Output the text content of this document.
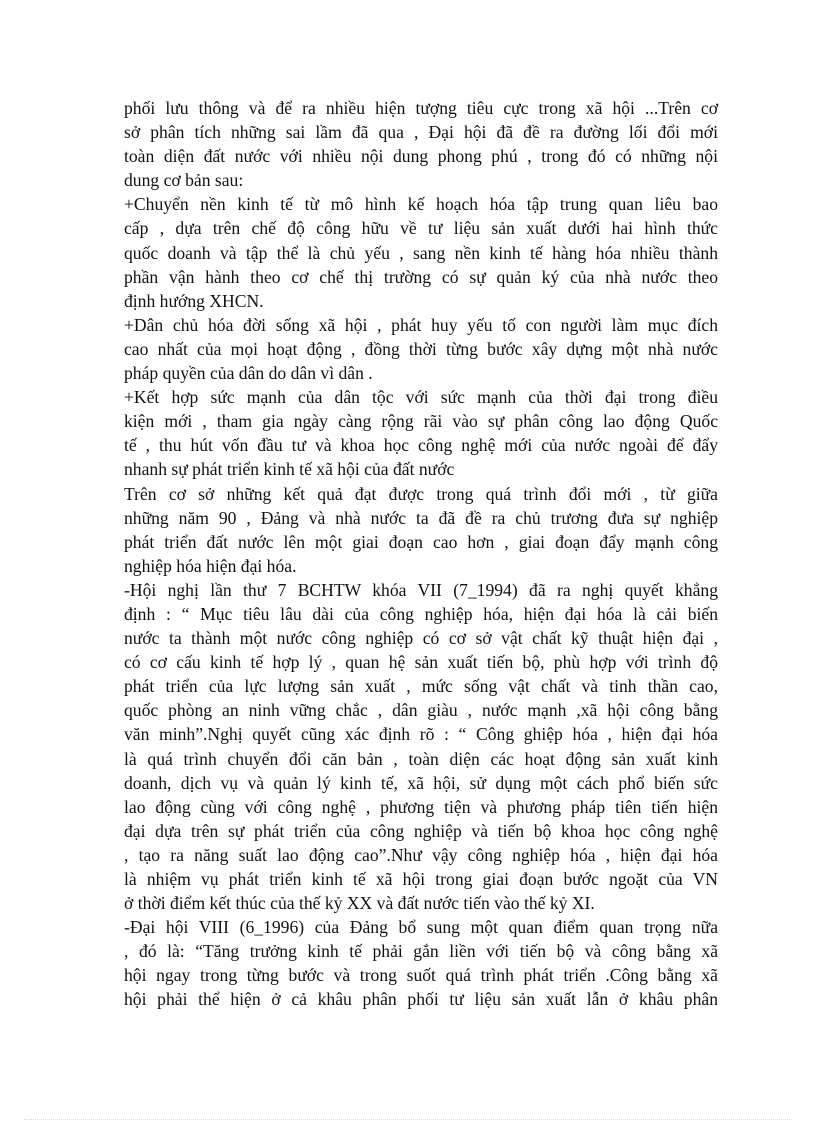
phối lưu thông và để ra nhiều hiện tượng tiêu cực trong xã hội ...Trên cơ
sở phân tích những sai lầm đã qua , Đại hội đã đề ra đường lối đổi mới
toàn diện đất nước với nhiều nội dung phong phú , trong đó có những nội
dung cơ bản sau:
+Chuyển nền kinh tế từ mô hình kế hoạch hóa tập trung quan liêu bao
cấp , dựa trên chế độ công hữu về tư liệu sản xuất dưới hai hình thức
quốc doanh và tập thể là chủ yếu , sang nền kinh tế hàng hóa nhiều thành
phần vận hành theo cơ chế thị trường có sự quản ký của nhà nước theo
định hướng XHCN.
+Dân chủ hóa đời sống xã hội , phát huy yếu tố con người làm mục đích
cao nhất của mọi hoạt động , đồng thời từng bước xây dựng một nhà nước
pháp quyền của dân do dân vì dân .
+Kết hợp sức mạnh của dân tộc với sức mạnh của thời đại trong điều
kiện mới , tham gia ngày càng rộng rãi vào sự phân công lao động Quốc
tế , thu hút vốn đầu tư và khoa học công nghệ mới của nước ngoài để đẩy
nhanh sự phát triển kinh tế xã hội của đất nước
Trên cơ sở những kết quả đạt được trong quá trình đổi mới , từ giữa
những năm 90 , Đảng và nhà nước ta đã đề ra chủ trương đưa sự nghiệp
phát triển đất nước lên một giai đoạn cao hơn , giai đoạn đẩy mạnh công
nghiệp hóa hiện đại hóa.
-Hội nghị lần thư 7 BCHTW khóa VII (7_1994) đã ra nghị quyết khẳng
định : “ Mục tiêu lâu dài của công nghiệp hóa, hiện đại hóa là cải biến
nước ta thành một nước công nghiệp có cơ sở vật chất kỹ thuật hiện đại ,
có cơ cấu kinh tế hợp lý , quan hệ sản xuất tiến bộ, phù hợp với trình độ
phát triển của lực lượng sản xuất , mức sống vật chất và tinh thần cao,
quốc phòng an ninh vững chắc , dân giàu , nước mạnh ,xã hội công bằng
văn minh”.Nghị quyết cũng xác định rõ : “ Công ghiệp hóa , hiện đại hóa
là quá trình chuyển đổi căn bản , toàn diện các hoạt động sản xuất kinh
doanh, dịch vụ và quản lý kinh tế, xã hội, sử dụng một cách phổ biến sức
lao động cùng với công nghệ , phương tiện và phương pháp tiên tiến hiện
đại dựa trên sự phát triển của công nghiệp và tiến bộ khoa học công nghệ
, tạo ra năng suất lao động cao”.Như vậy công nghiệp hóa , hiện đại hóa
là nhiệm vụ phát triển kinh tế xã hội trong giai đoạn bước ngoặt của VN
ở thời điểm kết thúc của thế kỷ XX và đất nước tiến vào thế kỷ XI.
-Đại hội VIII (6_1996) của Đảng bổ sung một quan điểm quan trọng nữa
, đó là: “Tăng trưởng kinh tế phải gắn liền với tiến bộ và công bằng xã
hội ngay trong từng bước và trong suốt quá trình phát triển .Công bằng xã
hội phải thể hiện ở cả khâu phân phối tư liệu sản xuất lẫn ở khâu phân
